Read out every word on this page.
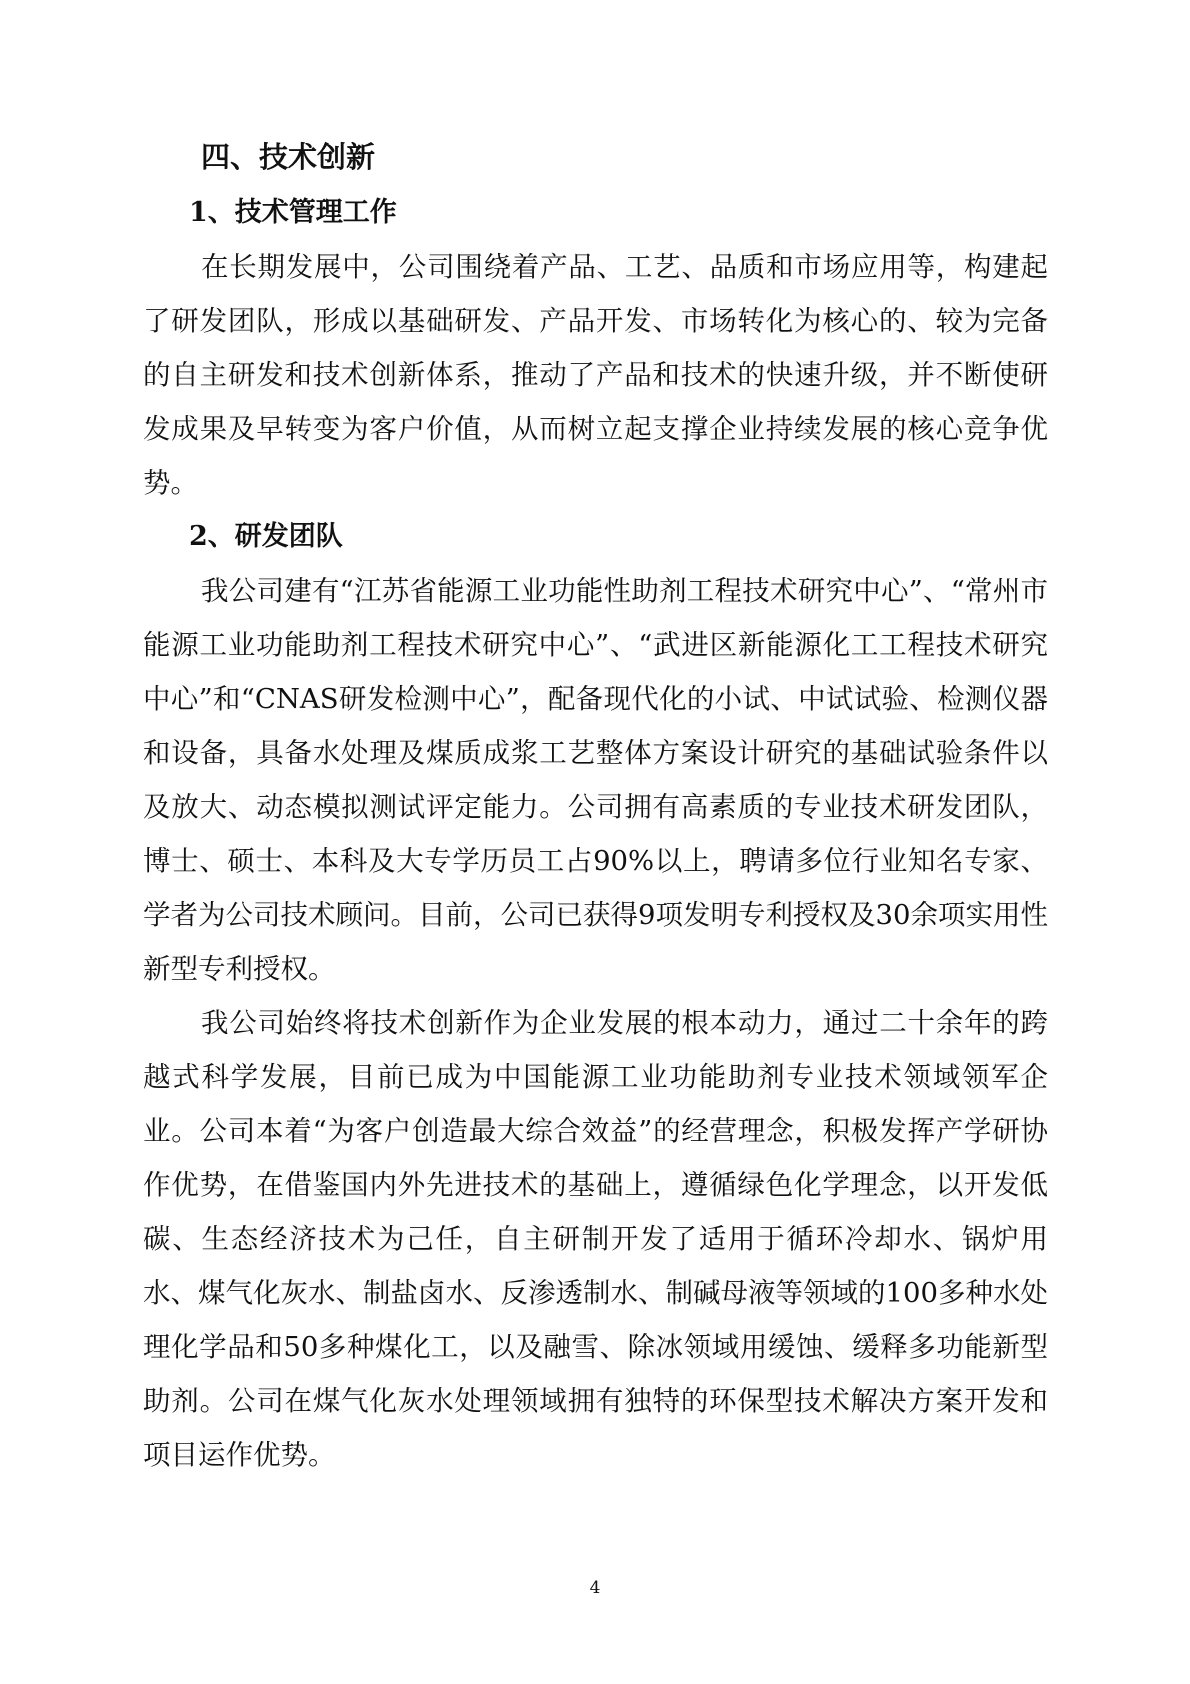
四、技术创新
1、技术管理工作

在长期发展中，公司围绕着产品、工艺、品质和市场应用等，构建起了研发团队，形成以基础研发、产品开发、市场转化为核心的、较为完备的自主研发和技术创新体系，推动了产品和技术的快速升级，并不断使研发成果及早转变为客户价值，从而树立起支撑企业持续发展的核心竞争优势。

2、研发团队

我公司建有“江苏省能源工业功能性助剂工程技术研究中心”、“常州市能源工业功能助剂工程技术研究中心”、“武进区新能源化工工程技术研究中心”和“CNAS研发检测中心”，配备现代化的小试、中试试验、检测仪器和设备，具备水处理及煤质成浆工艺整体方案设计研究的基础试验条件以及放大、动态模拟测试评定能力。公司拥有高素质的专业技术研发团队，博士、硕士、本科及大专学历员工占90%以上，聘请多位行业知名专家、学者为公司技术顾问。目前，公司已获得9项发明专利授权及30余项实用性新型专利授权。

我公司始终将技术创新作为企业发展的根本动力，通过二十余年的跨越式科学发展，目前已成为中国能源工业功能助剂专业技术领域领军企业。公司本着“为客户创造最大综合效益”的经营理念，积极发挥产学研协作优势，在借鉴国内外先进技术的基础上，遵循绿色化学理念，以开发低碳、生态经济技术为己任，自主研制开发了适用于循环冷却水、锅炉用水、煤气化灰水、制盐卤水、反渗透制水、制碱母液等领域的100多种水处理化学品和50多种煤化工，以及融雪、除冰领域用缓蚀、缓释多功能新型助剂。公司在煤气化灰水处理领域拥有独特的环保型技术解决方案开发和项目运作优势。

4
